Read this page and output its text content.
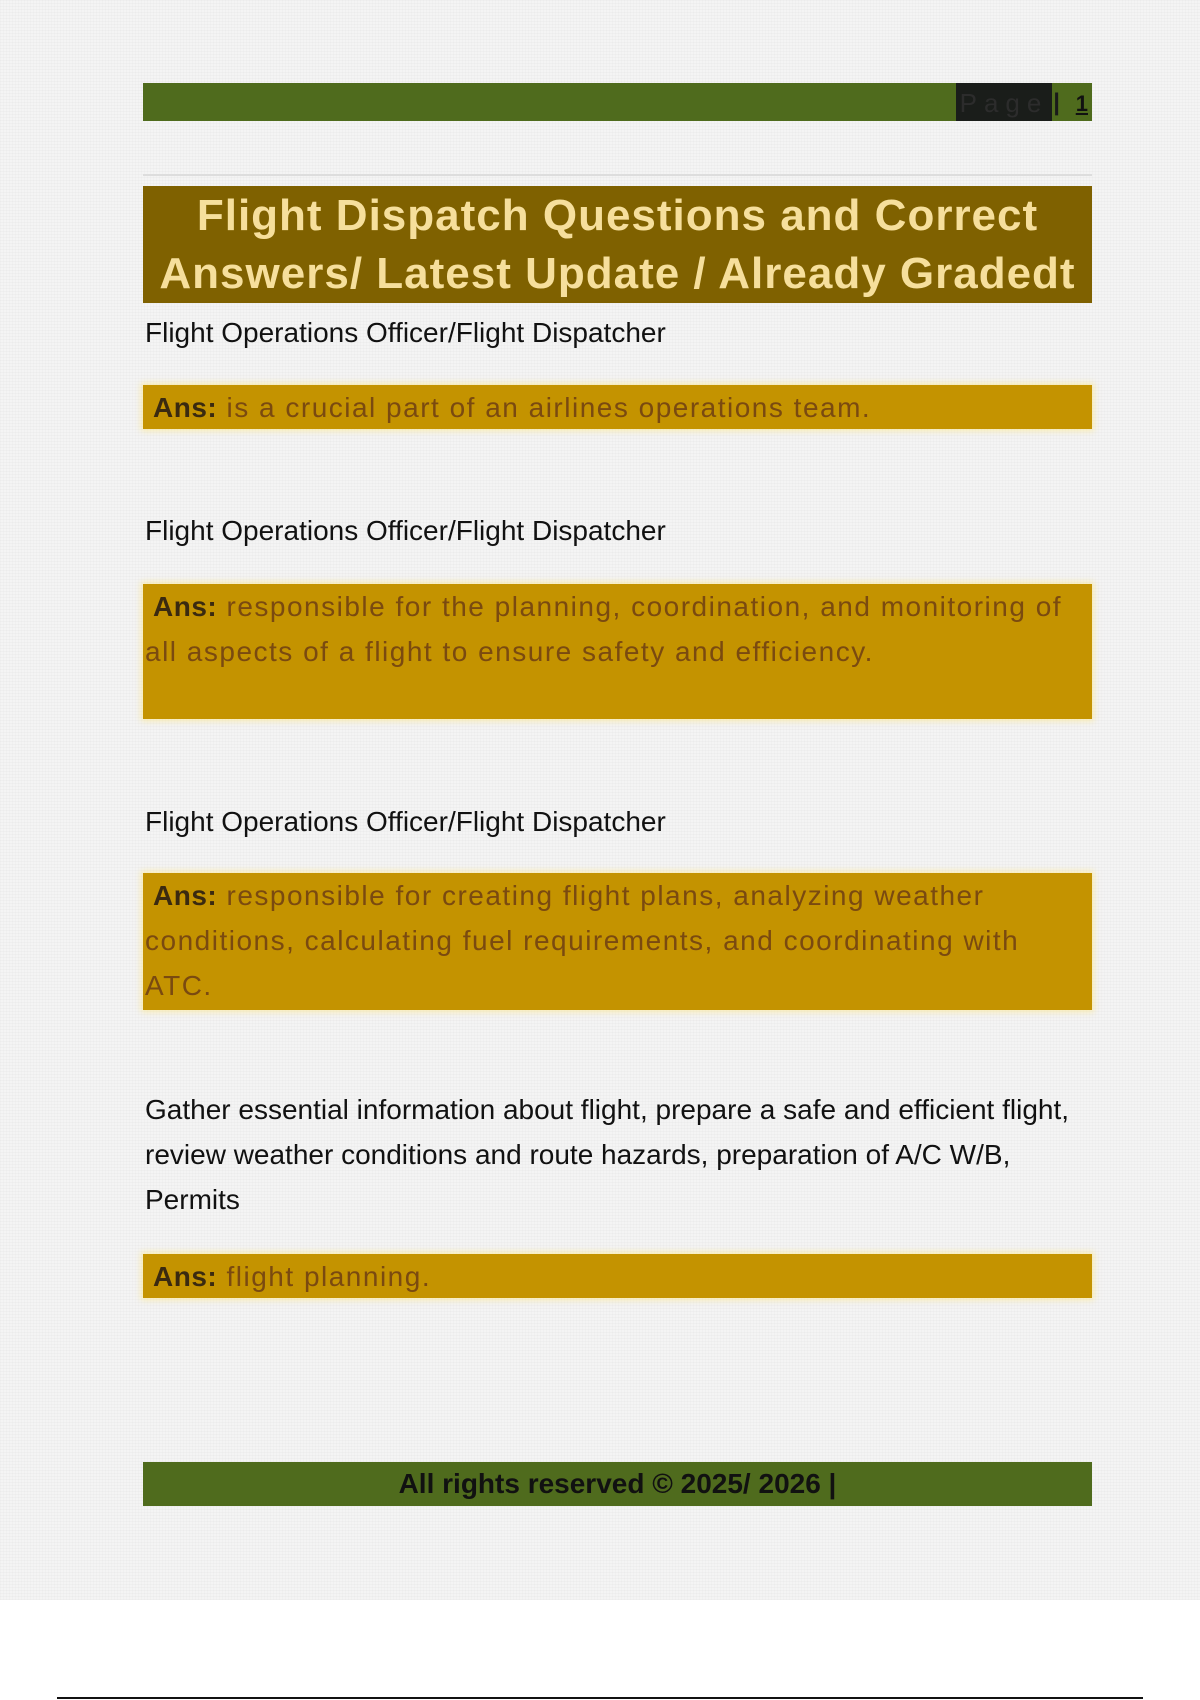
Page | 1
Flight Dispatch Questions and Correct
Answers/ Latest Update / Already Gradedt
Flight Operations Officer/Flight Dispatcher
Ans: is a crucial part of an airlines operations team.
Flight Operations Officer/Flight Dispatcher
Ans: responsible for the planning, coordination, and monitoring of all aspects of a flight to ensure safety and efficiency.
Flight Operations Officer/Flight Dispatcher
Ans: responsible for creating flight plans, analyzing weather conditions, calculating fuel requirements, and coordinating with ATC.
Gather essential information about flight, prepare a safe and efficient flight, review weather conditions and route hazards, preparation of A/C W/B, Permits
Ans: flight planning.
All rights reserved © 2025/ 2026 |
